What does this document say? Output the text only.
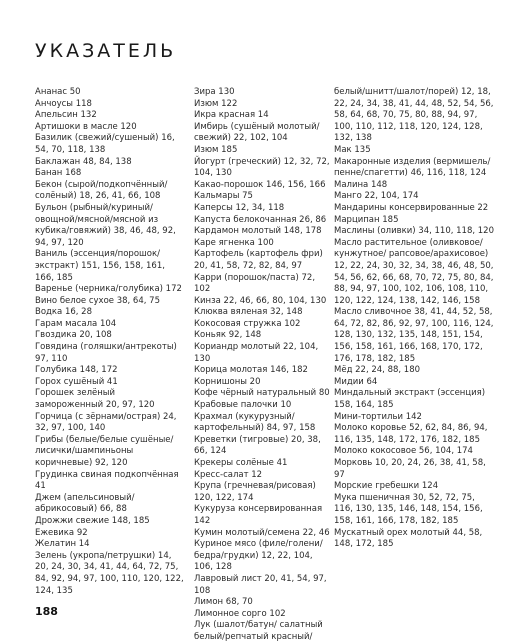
УКАЗАТЕЛЬ

Ананас 50

Анчоусы 118

Апельсин 132

Артишоки в масле 120

Базилик (свежий/сушеный) 16, 54, 70, 118, 138

Баклажан 48, 84, 138

Банан 168

Бекон (сырой/подкопчённый/ солёный) 18, 26, 41, 66, 108

Бульон (рыбный/куриный/ овощной/мясной/мясной из кубика/говяжий) 38, 46, 48, 92, 94, 97, 120

Ваниль (эссенция/порошок/ экстракт) 151, 156, 158, 161, 166, 185

Варенье (черника/голубика) 172

Вино белое сухое 38, 64, 75

Водка 16, 28

Гарам масала 104

Гвоздика 20, 108

Говядина (голяшки/антрекоты) 97, 110

Голубика 148, 172

Горох сушёный 41

Горошек зелёный замороженный 20, 97, 120

Горчица (с зёрнами/острая) 24, 32, 97, 100, 140

Грибы (белые/белые сушёные/ лисички/шампиньоны коричневые) 92, 120

Грудинка свиная подкопчённая 41

Джем (апельсиновый/ абрикосовый) 66, 88

Дрожжи свежие 148, 185

Ежевика 92

Желатин 14

Зелень (укропа/петрушки) 14, 20, 24, 30, 34, 41, 44, 64, 72, 75, 84, 92, 94, 97, 100, 110, 120, 122, 124, 135

Зира 130

Изюм 122

Икра красная 14

Имбирь (сушёный молотый/ свежий) 22, 102, 104

Изюм 185

Йогурт (греческий) 12, 32, 72, 104, 130

Какао-порошок 146, 156, 166

Кальмары 75

Каперсы 12, 34, 118

Капуста белокочанная 26, 86

Кардамон молотый 148, 178

Каре ягненка 100

Картофель (картофель фри) 20, 41, 58, 72, 82, 84, 97

Карри (порошок/паста) 72, 102

Кинза 22, 46, 66, 80, 104, 130

Клюква вяленая 32, 148

Кокосовая стружка 102

Коньяк 92, 148

Кориандр молотый 22, 104, 130

Корица молотая 146, 182

Корнишоны 20

Кофе чёрный натуральный 80

Крабовые палочки 10

Крахмал (кукурузный/ картофельный) 84, 97, 158

Креветки (тигровые) 20, 38, 66, 124

Крекеры солёные 41

Кресс-салат 12

Крупа (гречневая/рисовая) 120, 122, 174

Кукуруза консервированная 142

Кумин молотый/семена 22, 46

Куриное мясо (филе/голени/ бедра/грудки) 12, 22, 104, 106, 128

Лавровый лист 20, 41, 54, 97, 108

Лимон 68, 70

Лимонное сорго 102

Лук (шалот/батун/ салатный белый/репчатый красный/

белый/шнитт/шалот/порей) 12, 18, 22, 24, 34, 38, 41, 44, 48, 52, 54, 56, 58, 64, 68, 70, 75, 80, 88, 94, 97, 100, 110, 112, 118, 120, 124, 128, 132, 138

Мак 135

Макаронные изделия (вермишель/пенне/спагетти) 46, 116, 118, 124

Малина 148

Манго 22, 104, 174

Мандарины консервированные 22

Марципан 185

Маслины (оливки) 34, 110, 118, 120

Масло растительное (оливковое/кунжутное/ рапсовое/арахисовое) 12, 22, 24, 30, 32, 34, 38, 46, 48, 50, 54, 56, 62, 66, 68, 70, 72, 75, 80, 84, 88, 94, 97, 100, 102, 106, 108, 110, 120, 122, 124, 138, 142, 146, 158

Масло сливочное 38, 41, 44, 52, 58, 64, 72, 82, 86, 92, 97, 100, 116, 124, 128, 130, 132, 135, 148, 151, 154, 156, 158, 161, 166, 168, 170, 172, 176, 178, 182, 185

Мёд 22, 24, 88, 180

Мидии 64

Миндальный экстракт (эссенция) 158, 164, 185

Мини-тортильи 142

Молоко коровье 52, 62, 84, 86, 94, 116, 135, 148, 172, 176, 182, 185

Молоко кокосовое 56, 104, 174

Морковь 10, 20, 24, 26, 38, 41, 58, 97

Морские гребешки 124

Мука пшеничная 30, 52, 72, 75, 116, 130, 135, 146, 148, 154, 156, 158, 161, 166, 178, 182, 185

Мускатный орех молотый 44, 58, 148, 172, 185

188
